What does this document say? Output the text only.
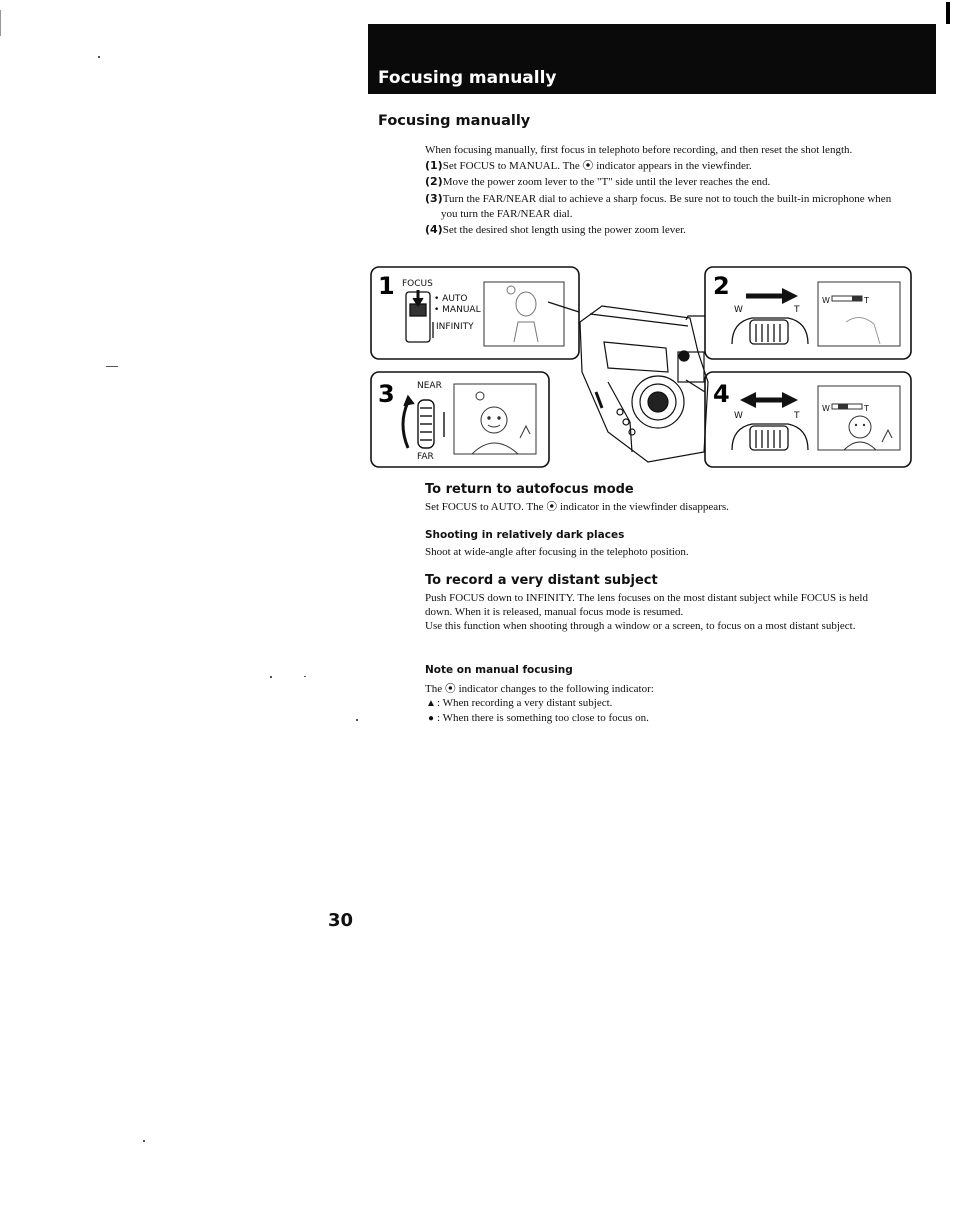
Focusing manually
Focusing manually

When focusing manually, first focus in telephoto before recording, and then reset the shot length.

(1)Set FOCUS to MANUAL. The ⦿ indicator appears in the viewfinder.

(2)Move the power zoom lever to the "T" side until the lever reaches the end.

(3)Turn the FAR/NEAR dial to achieve a sharp focus. Be sure not to touch the built-in microphone when you turn the FAR/NEAR dial.

(4)Set the desired shot length using the power zoom lever.

1
3
2
4
FOCUS
• AUTO
• MANUAL
INFINITY
NEAR
FAR
W	T
W	T
W	T
W	T
To return to autofocus mode
Set FOCUS to AUTO. The ⦿ indicator in the viewfinder disappears.
Shooting in relatively dark places
Shoot at wide-angle after focusing in the telephoto position.
To record a very distant subject

Push FOCUS down to INFINITY. The lens focuses on the most distant subject while FOCUS is held down. When it is released, manual focus mode is resumed.

Use this function when shooting through a window or a screen, to focus on a most distant subject.

Note on manual focusing

The ⦿ indicator changes to the following indicator:

▲: When recording a very distant subject.

● : When there is something too close to focus on.

30
